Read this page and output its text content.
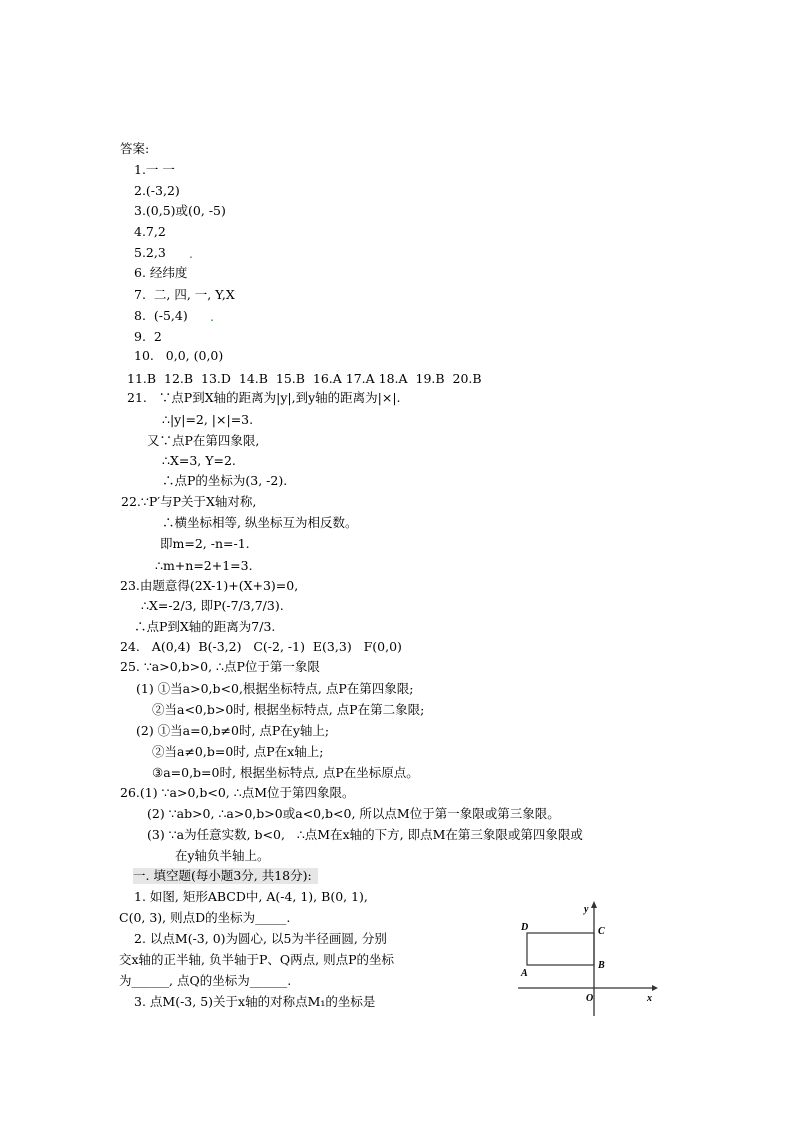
答案:
1.一 一
2.(-3,2)
3.(0,5)或(0, -5)
4.7,2
5.2,3 .
6. 经纬度
7.  二, 四, 一, Y,X
8.  (-5,4) .
9.  2
10.   0,0, (0,0)
11.B  12.B  13.D  14.B  15.B  16.A 17.A 18.A  19.B  20.B
21.   ∵点P到X轴的距离为|y|,到y轴的距离为|×|.
∴|y|=2, |×|=3.
又∵点P在第四象限,
∴X=3, Y=2.
∴点P的坐标为(3, -2).
22.∵P′与P关于X轴对称,
∴横坐标相等, 纵坐标互为相反数。
即m=2, -n=-1.
∴m+n=2+1=3.
23.由题意得(2X-1)+(X+3)=0,
∴X=-2/3, 即P(-7/3,7/3).
∴点P到X轴的距离为7/3.
24.   A(0,4)  B(-3,2)   C(-2, -1)  E(3,3)   F(0,0)
25. ∵a>0,b>0, ∴点P位于第一象限
(1) ①当a>0,b<0,根据坐标特点, 点P在第四象限;
②当a<0,b>0时, 根据坐标特点, 点P在第二象限;
(2) ①当a=0,b≠0时, 点P在y轴上;
②当a≠0,b=0时, 点P在x轴上;
③a=0,b=0时, 根据坐标特点, 点P在坐标原点。
26.(1) ∵a>0,b<0, ∴点M位于第四象限。
(2) ∵ab>0, ∴a>0,b>0或a<0,b<0, 所以点M位于第一象限或第三象限。
(3) ∵a为任意实数, b<0,   ∴点M在x轴的下方, 即点M在第三象限或第四象限或
在y轴负半轴上。
一. 填空题(每小题3分, 共18分):
1. 如图, 矩形ABCD中, A(-4, 1), B(0, 1),
C(0, 3), 则点D的坐标为_____.
2. 以点M(-3, 0)为圆心, 以5为半径画圆, 分别
交x轴的正半轴, 负半轴于P、Q两点, 则点P的坐标
为______, 点Q的坐标为______.
3. 点M(-3, 5)关于x轴的对称点M₁的坐标是
y
x
O
D	C
B
A
